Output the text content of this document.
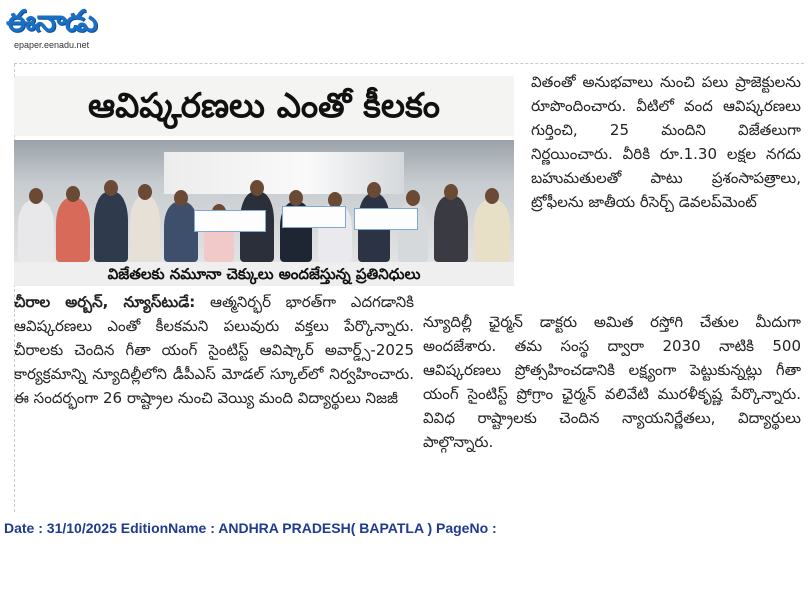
ఈనాడు
epaper.eenadu.net
ఆవిష్కరణలు ఎంతో కీలకం
విజేతలకు నమూనా చెక్కులు అందజేస్తున్న ప్రతినిధులు
చీరాల అర్బన్, న్యూస్‌టుడే: ఆత్మనిర్భర్ భారత్‌గా ఎదగడానికి ఆవిష్కరణలు ఎంతో కీలకమని పలువురు వక్తలు పేర్కొన్నారు. చీరాలకు చెందిన గీతా యంగ్ సైంటిస్ట్ ఆవిష్కార్ అవార్డ్స్-2025 కార్యక్రమాన్ని న్యూదిల్లీలోని డీపీఎస్ మోడల్ స్కూల్‌లో నిర్వహించారు. ఈ సందర్భంగా 26 రాష్ట్రాల నుంచి వెయ్యి మంది విద్యార్థులు నిజజీ
వితంతో అనుభవాలు నుంచి పలు ప్రాజెక్టులను రూపొందించారు. వీటిలో వంద ఆవిష్కరణలు గుర్తించి, 25 మందిని విజేతలుగా నిర్ణయించారు. వీరికి రూ.1.30 లక్షల నగదు బహుమతులతో పాటు ప్రశంసాపత్రాలు, ట్రోఫీలను జాతీయ రీసెర్చ్ డెవలప్‌మెంట్
న్యూదిల్లీ ఛైర్మన్ డాక్టరు అమిత రస్తోగి చేతుల మీదుగా అందజేశారు. తమ సంస్థ ద్వారా 2030 నాటికి 500 ఆవిష్కరణలు ప్రోత్సహించడానికి లక్ష్యంగా పెట్టుకున్నట్లు గీతా యంగ్ సైంటిస్ట్ ప్రోగ్రాం ఛైర్మన్ వలివేటి మురళీకృష్ణ పేర్కొన్నారు. వివిధ రాష్ట్రాలకు చెందిన న్యాయనిర్ణేతలు, విద్యార్థులు పాల్గొన్నారు.
Date : 31/10/2025 EditionName : ANDHRA PRADESH( BAPATLA ) PageNo :
